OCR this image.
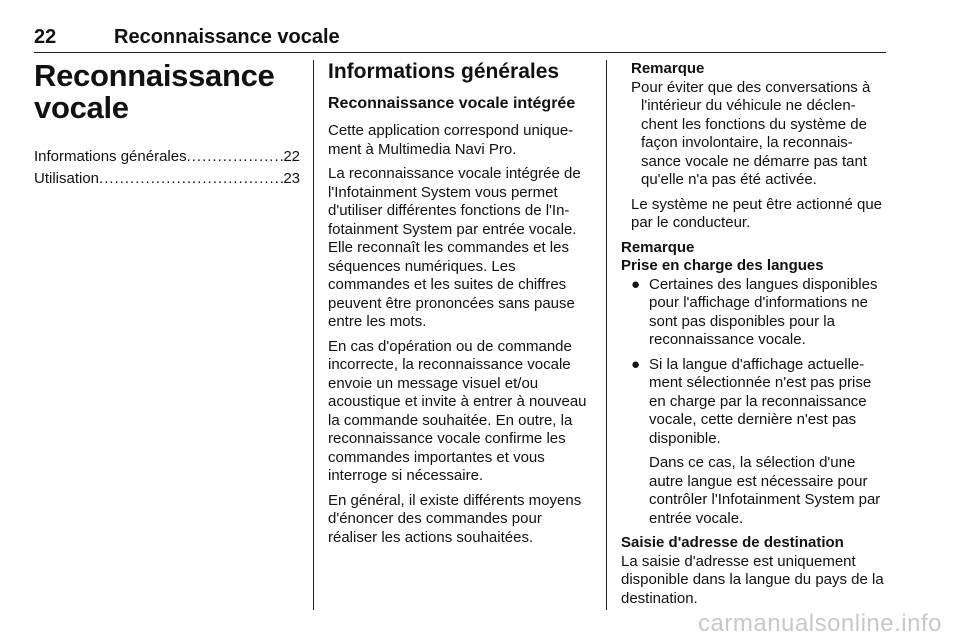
22	Reconnaissance vocale
Reconnaissance vocale
Informations générales .....	22
Utilisation .....	23
Informations générales
Reconnaissance vocale intégrée

Cette application correspond uniquement à Multimedia Navi Pro.

La reconnaissance vocale intégrée de l'Infotainment System vous permet d'utiliser différentes fonctions de l'Infotainment System par entrée vocale. Elle reconnaît les commandes et les séquences numériques. Les commandes et les suites de chiffres peuvent être prononcées sans pause entre les mots.

En cas d'opération ou de commande incorrecte, la reconnaissance vocale envoie un message visuel et/ou acoustique et invite à entrer à nouveau la commande souhaitée. En outre, la reconnaissance vocale confirme les commandes importantes et vous interroge si nécessaire.

En général, il existe différents moyens d'énoncer des commandes pour réaliser les actions souhaitées.

Remarque

Pour éviter que des conversations à l'intérieur du véhicule ne déclenchent les fonctions du système de façon involontaire, la reconnaissance vocale ne démarre pas tant qu'elle n'a pas été activée.

Le système ne peut être actionné que par le conducteur.

Remarque
Prise en charge des langues
● Certaines des langues disponibles pour l'affichage d'informations ne sont pas disponibles pour la reconnaissance vocale.
● Si la langue d'affichage actuellement sélectionnée n'est pas prise en charge par la reconnaissance vocale, cette dernière n'est pas disponible.

Dans ce cas, la sélection d'une autre langue est nécessaire pour contrôler l'Infotainment System par entrée vocale.

Saisie d'adresse de destination

La saisie d'adresse est uniquement disponible dans la langue du pays de la destination.

carmanualsonline.info
